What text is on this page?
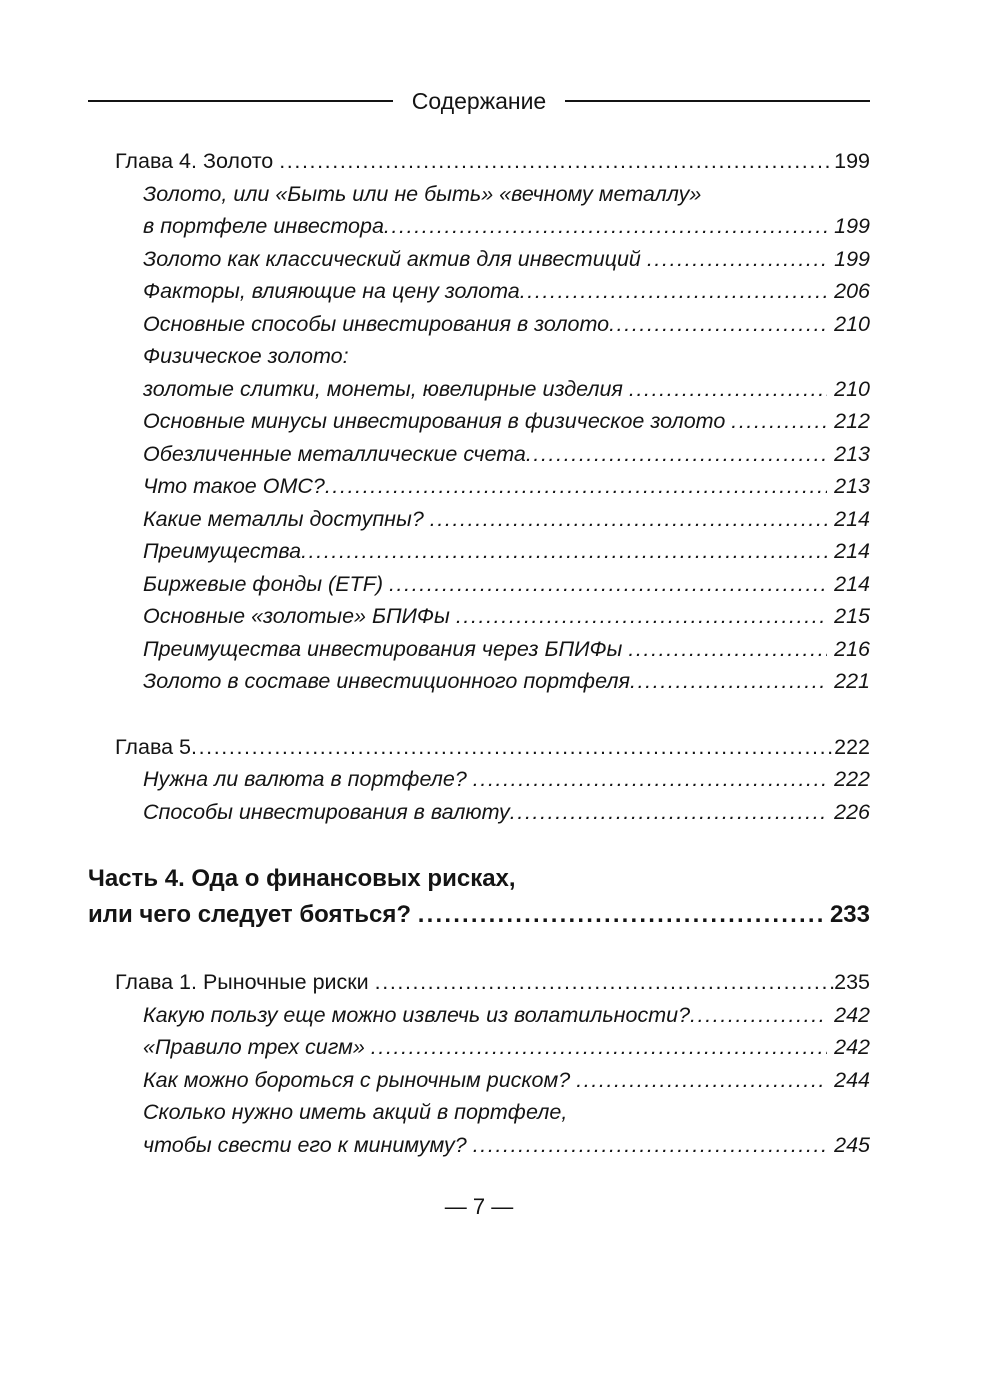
Содержание
Глава 4. Золото .....	199
Золото, или «Быть или не быть» «вечному металлу»
в портфеле инвестора .....	199
Золото как классический актив для инвестиций .....	199
Факторы, влияющие на цену золота .....	206
Основные способы инвестирования в золото .....	210
Физическое золото:
золотые слитки, монеты, ювелирные изделия .....	210
Основные минусы инвестирования в физическое золото .....	212
Обезличенные металлические счета .....	213
Что такое ОМС? .....	213
Какие металлы доступны? .....	214
Преимущества .....	214
Биржевые фонды (ETF) .....	214
Основные «золотые» БПИФы .....	215
Преимущества инвестирования через БПИФы .....	216
Золото в составе инвестиционного портфеля .....	221
Глава 5 .....	222
Нужна ли валюта в портфеле? .....	222
Способы инвестирования в валюту .....	226
Часть 4. Ода о финансовых рисках,
или чего следует бояться? .....	233
Глава 1. Рыночные риски .....	235
Какую пользу еще можно извлечь из волатильности? .....	242
«Правило трех сигм» .....	242
Как можно бороться с рыночным риском? .....	244
Сколько нужно иметь акций в портфеле,
чтобы свести его к минимуму? .....	245
— 7 —
